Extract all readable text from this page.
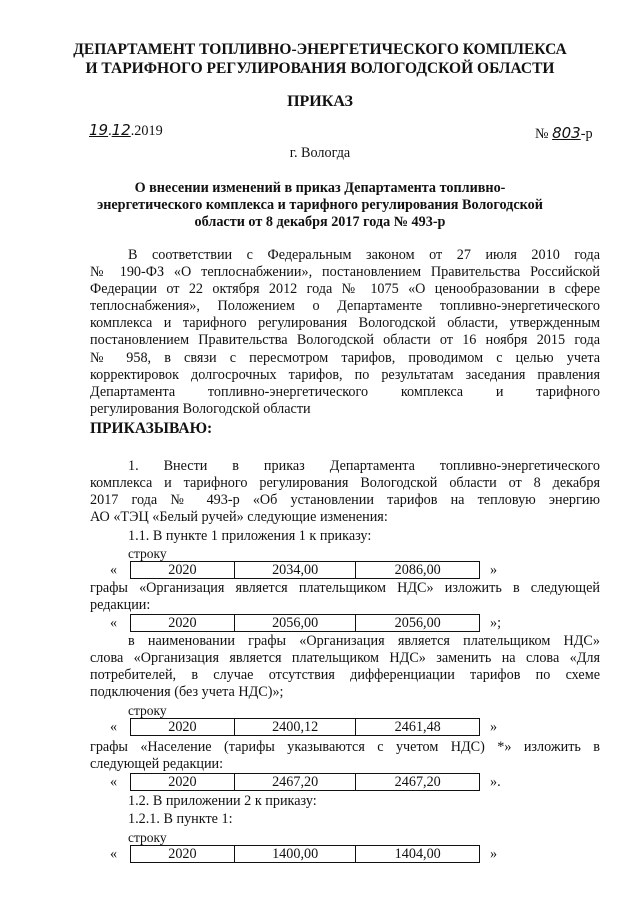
ДЕПАРТАМЕНТ ТОПЛИВНО-ЭНЕРГЕТИЧЕСКОГО КОМПЛЕКСА
И ТАРИФНОГО РЕГУЛИРОВАНИЯ ВОЛОГОДСКОЙ ОБЛАСТИ
ПРИКАЗ
19.12.2019	№ 803-р
г. Вологда
О внесении изменений в приказ Департамента топливно-
энергетического комплекса и тарифного регулирования Вологодской
области от 8 декабря 2017 года № 493-р
В соответствии с Федеральным законом от 27 июля 2010 года
№ 190-ФЗ «О теплоснабжении», постановлением Правительства Российской
Федерации от 22 октября 2012 года № 1075 «О ценообразовании в сфере
теплоснабжения», Положением о Департаменте топливно-энергетического
комплекса и тарифного регулирования Вологодской области, утвержденным
постановлением Правительства Вологодской области от 16 ноября 2015 года
№ 958, в связи с пересмотром тарифов, проводимом с целью учета
корректировок долгосрочных тарифов, по результатам заседания правления
Департамента топливно-энергетического комплекса и тарифного
регулирования Вологодской области
ПРИКАЗЫВАЮ:
1. Внести в приказ Департамента топливно-энергетического
комплекса и тарифного регулирования Вологодской области от 8 декабря
2017 года № 493-р «Об установлении тарифов на тепловую энергию
АО «ТЭЦ «Белый ручей» следующие изменения:
1.1. В пункте 1 приложения 1 к приказу:
строку
«	2020	2034,00	2086,00	»
графы «Организация является плательщиком НДС» изложить в следующей
редакции:
«	2020	2056,00	2056,00	»;
в наименовании графы «Организация является плательщиком НДС»
слова «Организация является плательщиком НДС» заменить на слова «Для
потребителей, в случае отсутствия дифференциации тарифов по схеме
подключения (без учета НДС)»;
строку
«	2020	2400,12	2461,48	»
графы «Население (тарифы указываются с учетом НДС) *» изложить в
следующей редакции:
«	2020	2467,20	2467,20	».
1.2. В приложении 2 к приказу:
1.2.1. В пункте 1:
строку
«	2020	1400,00	1404,00	»
